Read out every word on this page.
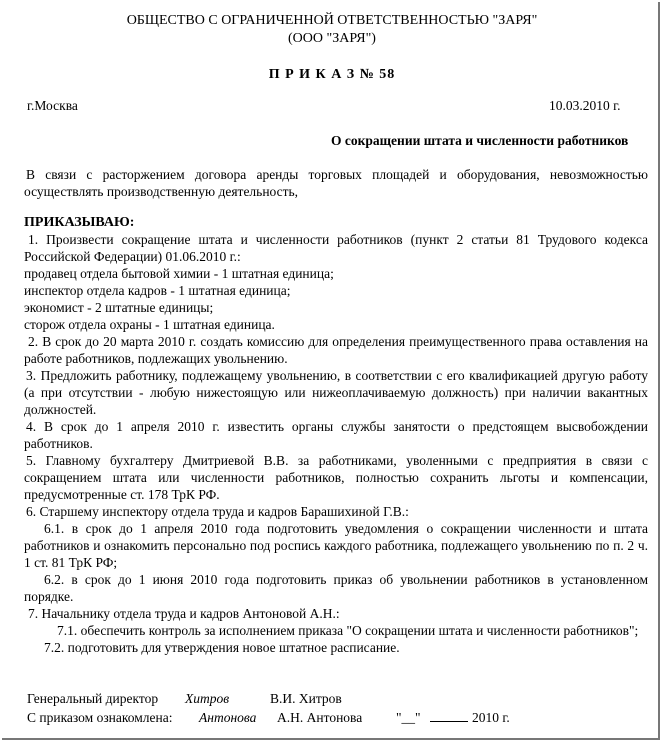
ОБЩЕСТВО С ОГРАНИЧЕННОЙ ОТВЕТСТВЕННОСТЬЮ "ЗАРЯ"
(ООО "ЗАРЯ")
П Р И К А З № 58
г.Москва	10.03.2010 г.
О сокращении штата и численности работников

В связи с расторжением договора аренды торговых площадей и оборудования, невозможностью осуществлять производственную деятельность,

ПРИКАЗЫВАЮ:

1. Произвести сокращение штата и численности работников (пункт 2 статьи 81 Трудового кодекса Российской Федерации) 01.06.2010 г.:

продавец отдела бытовой химии - 1 штатная единица;

инспектор отдела кадров - 1 штатная единица;

экономист - 2 штатные единицы;

сторож отдела охраны - 1 штатная единица.

2. В срок до 20 марта 2010 г. создать комиссию для определения преимущественного права оставления на работе работников, подлежащих увольнению.

3. Предложить работнику, подлежащему увольнению, в соответствии с его квалификацией другую работу (а при отсутствии - любую нижестоящую или нижеоплачиваемую должность) при наличии вакантных должностей.

4. В срок до 1 апреля 2010 г. известить органы службы занятости о предстоящем высвобождении работников.

5. Главному бухгалтеру Дмитриевой В.В. за работниками, уволенными с предприятия в связи с сокращением штата или численности работников, полностью сохранить льготы и компенсации, предусмотренные ст. 178 ТрК РФ.

6. Старшему инспектору отдела труда и кадров Барашихиной Г.В.:

6.1. в срок до 1 апреля 2010 года подготовить уведомления о сокращении численности и штата работников и ознакомить персонально под роспись каждого работника, подлежащего увольнению по п. 2 ч. 1 ст. 81 ТрК РФ;

6.2. в срок до 1 июня 2010 года подготовить приказ об увольнении работников в установленном порядке.

7. Начальнику отдела труда и кадров Антоновой А.Н.:

7.1. обеспечить контроль за исполнением приказа "О сокращении штата и численности работников";

7.2. подготовить для утверждения новое штатное расписание.

Генеральный директор Хитров	В.И. Хитров
С приказом ознакомлена: Антонова А.Н. Антонова	"__"	2010 г.
